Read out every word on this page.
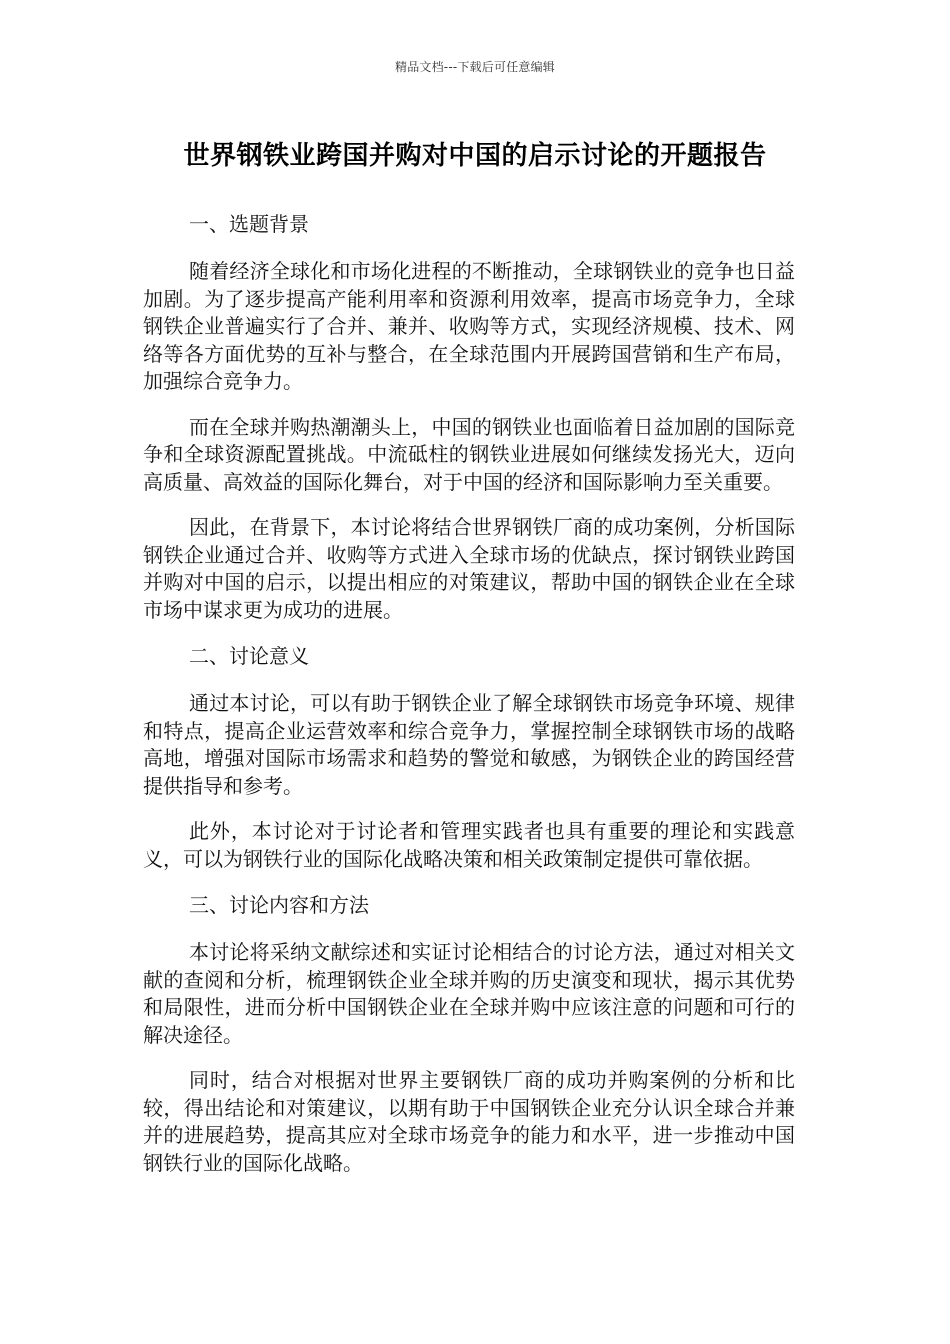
精品文档---下载后可任意编辑
世界钢铁业跨国并购对中国的启示讨论的开题报告
一、选题背景

随着经济全球化和市场化进程的不断推动，全球钢铁业的竞争也日益加剧。为了逐步提高产能利用率和资源利用效率，提高市场竞争力，全球钢铁企业普遍实行了合并、兼并、收购等方式，实现经济规模、技术、网络等各方面优势的互补与整合，在全球范围内开展跨国营销和生产布局，加强综合竞争力。

而在全球并购热潮潮头上，中国的钢铁业也面临着日益加剧的国际竞争和全球资源配置挑战。中流砥柱的钢铁业进展如何继续发扬光大，迈向高质量、高效益的国际化舞台，对于中国的经济和国际影响力至关重要。

因此，在背景下，本讨论将结合世界钢铁厂商的成功案例，分析国际钢铁企业通过合并、收购等方式进入全球市场的优缺点，探讨钢铁业跨国并购对中国的启示，以提出相应的对策建议，帮助中国的钢铁企业在全球市场中谋求更为成功的进展。

二、讨论意义

通过本讨论，可以有助于钢铁企业了解全球钢铁市场竞争环境、规律和特点，提高企业运营效率和综合竞争力，掌握控制全球钢铁市场的战略高地，增强对国际市场需求和趋势的警觉和敏感，为钢铁企业的跨国经营提供指导和参考。

此外，本讨论对于讨论者和管理实践者也具有重要的理论和实践意义，可以为钢铁行业的国际化战略决策和相关政策制定提供可靠依据。

三、讨论内容和方法

本讨论将采纳文献综述和实证讨论相结合的讨论方法，通过对相关文献的查阅和分析，梳理钢铁企业全球并购的历史演变和现状，揭示其优势和局限性，进而分析中国钢铁企业在全球并购中应该注意的问题和可行的解决途径。

同时，结合对根据对世界主要钢铁厂商的成功并购案例的分析和比较，得出结论和对策建议，以期有助于中国钢铁企业充分认识全球合并兼并的进展趋势，提高其应对全球市场竞争的能力和水平，进一步推动中国钢铁行业的国际化战略。
